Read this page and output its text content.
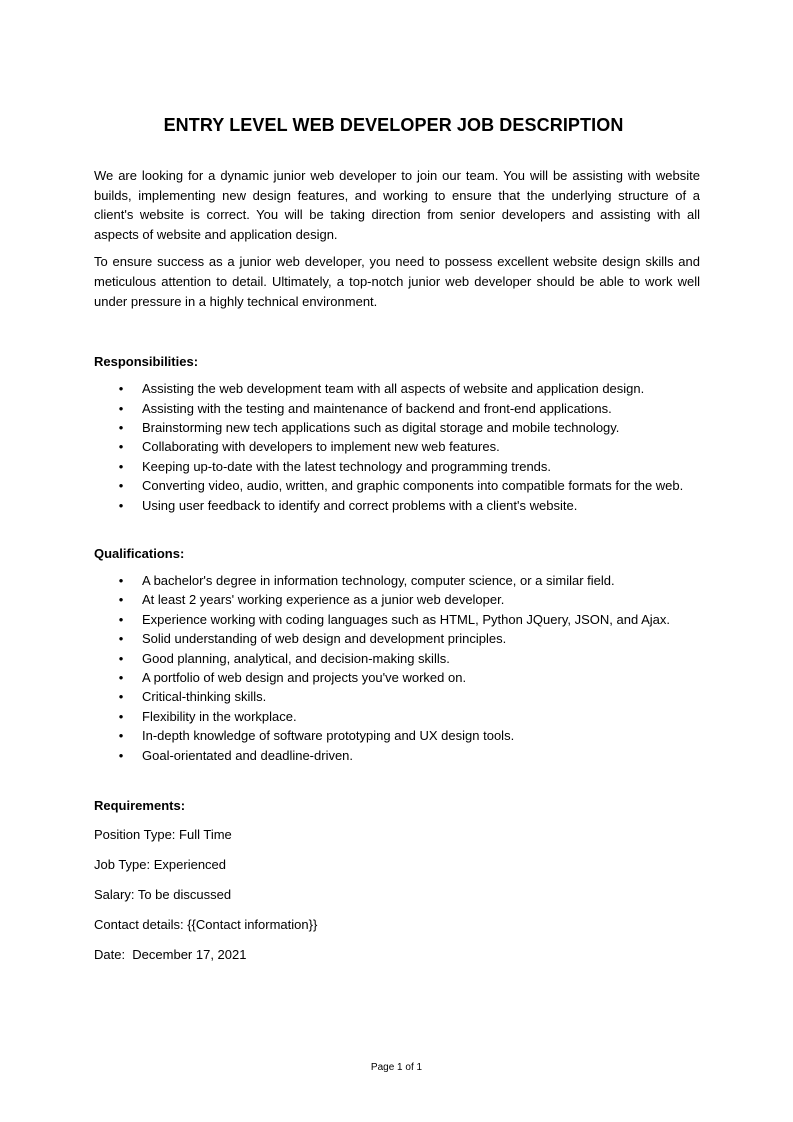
ENTRY LEVEL WEB DEVELOPER JOB DESCRIPTION

We are looking for a dynamic junior web developer to join our team. You will be assisting with website builds, implementing new design features, and working to ensure that the underlying structure of a client's website is correct. You will be taking direction from senior developers and assisting with all aspects of website and application design.

To ensure success as a junior web developer, you need to possess excellent website design skills and meticulous attention to detail. Ultimately, a top-notch junior web developer should be able to work well under pressure in a highly technical environment.

Responsibilities:

• Assisting the web development team with all aspects of website and application design.
• Assisting with the testing and maintenance of backend and front-end applications.
• Brainstorming new tech applications such as digital storage and mobile technology.
• Collaborating with developers to implement new web features.
• Keeping up-to-date with the latest technology and programming trends.
• Converting video, audio, written, and graphic components into compatible formats for the web.
• Using user feedback to identify and correct problems with a client's website.

Qualifications:

• A bachelor's degree in information technology, computer science, or a similar field.
• At least 2 years' working experience as a junior web developer.
• Experience working with coding languages such as HTML, Python JQuery, JSON, and Ajax.
• Solid understanding of web design and development principles.
• Good planning, analytical, and decision-making skills.
• A portfolio of web design and projects you've worked on.
• Critical-thinking skills.
• Flexibility in the workplace.
• In-depth knowledge of software prototyping and UX design tools.
• Goal-orientated and deadline-driven.

Requirements:

Position Type: Full Time

Job Type: Experienced

Salary: To be discussed

Contact details: {{Contact information}}

Date:  December 17, 2021

Page 1 of 1
